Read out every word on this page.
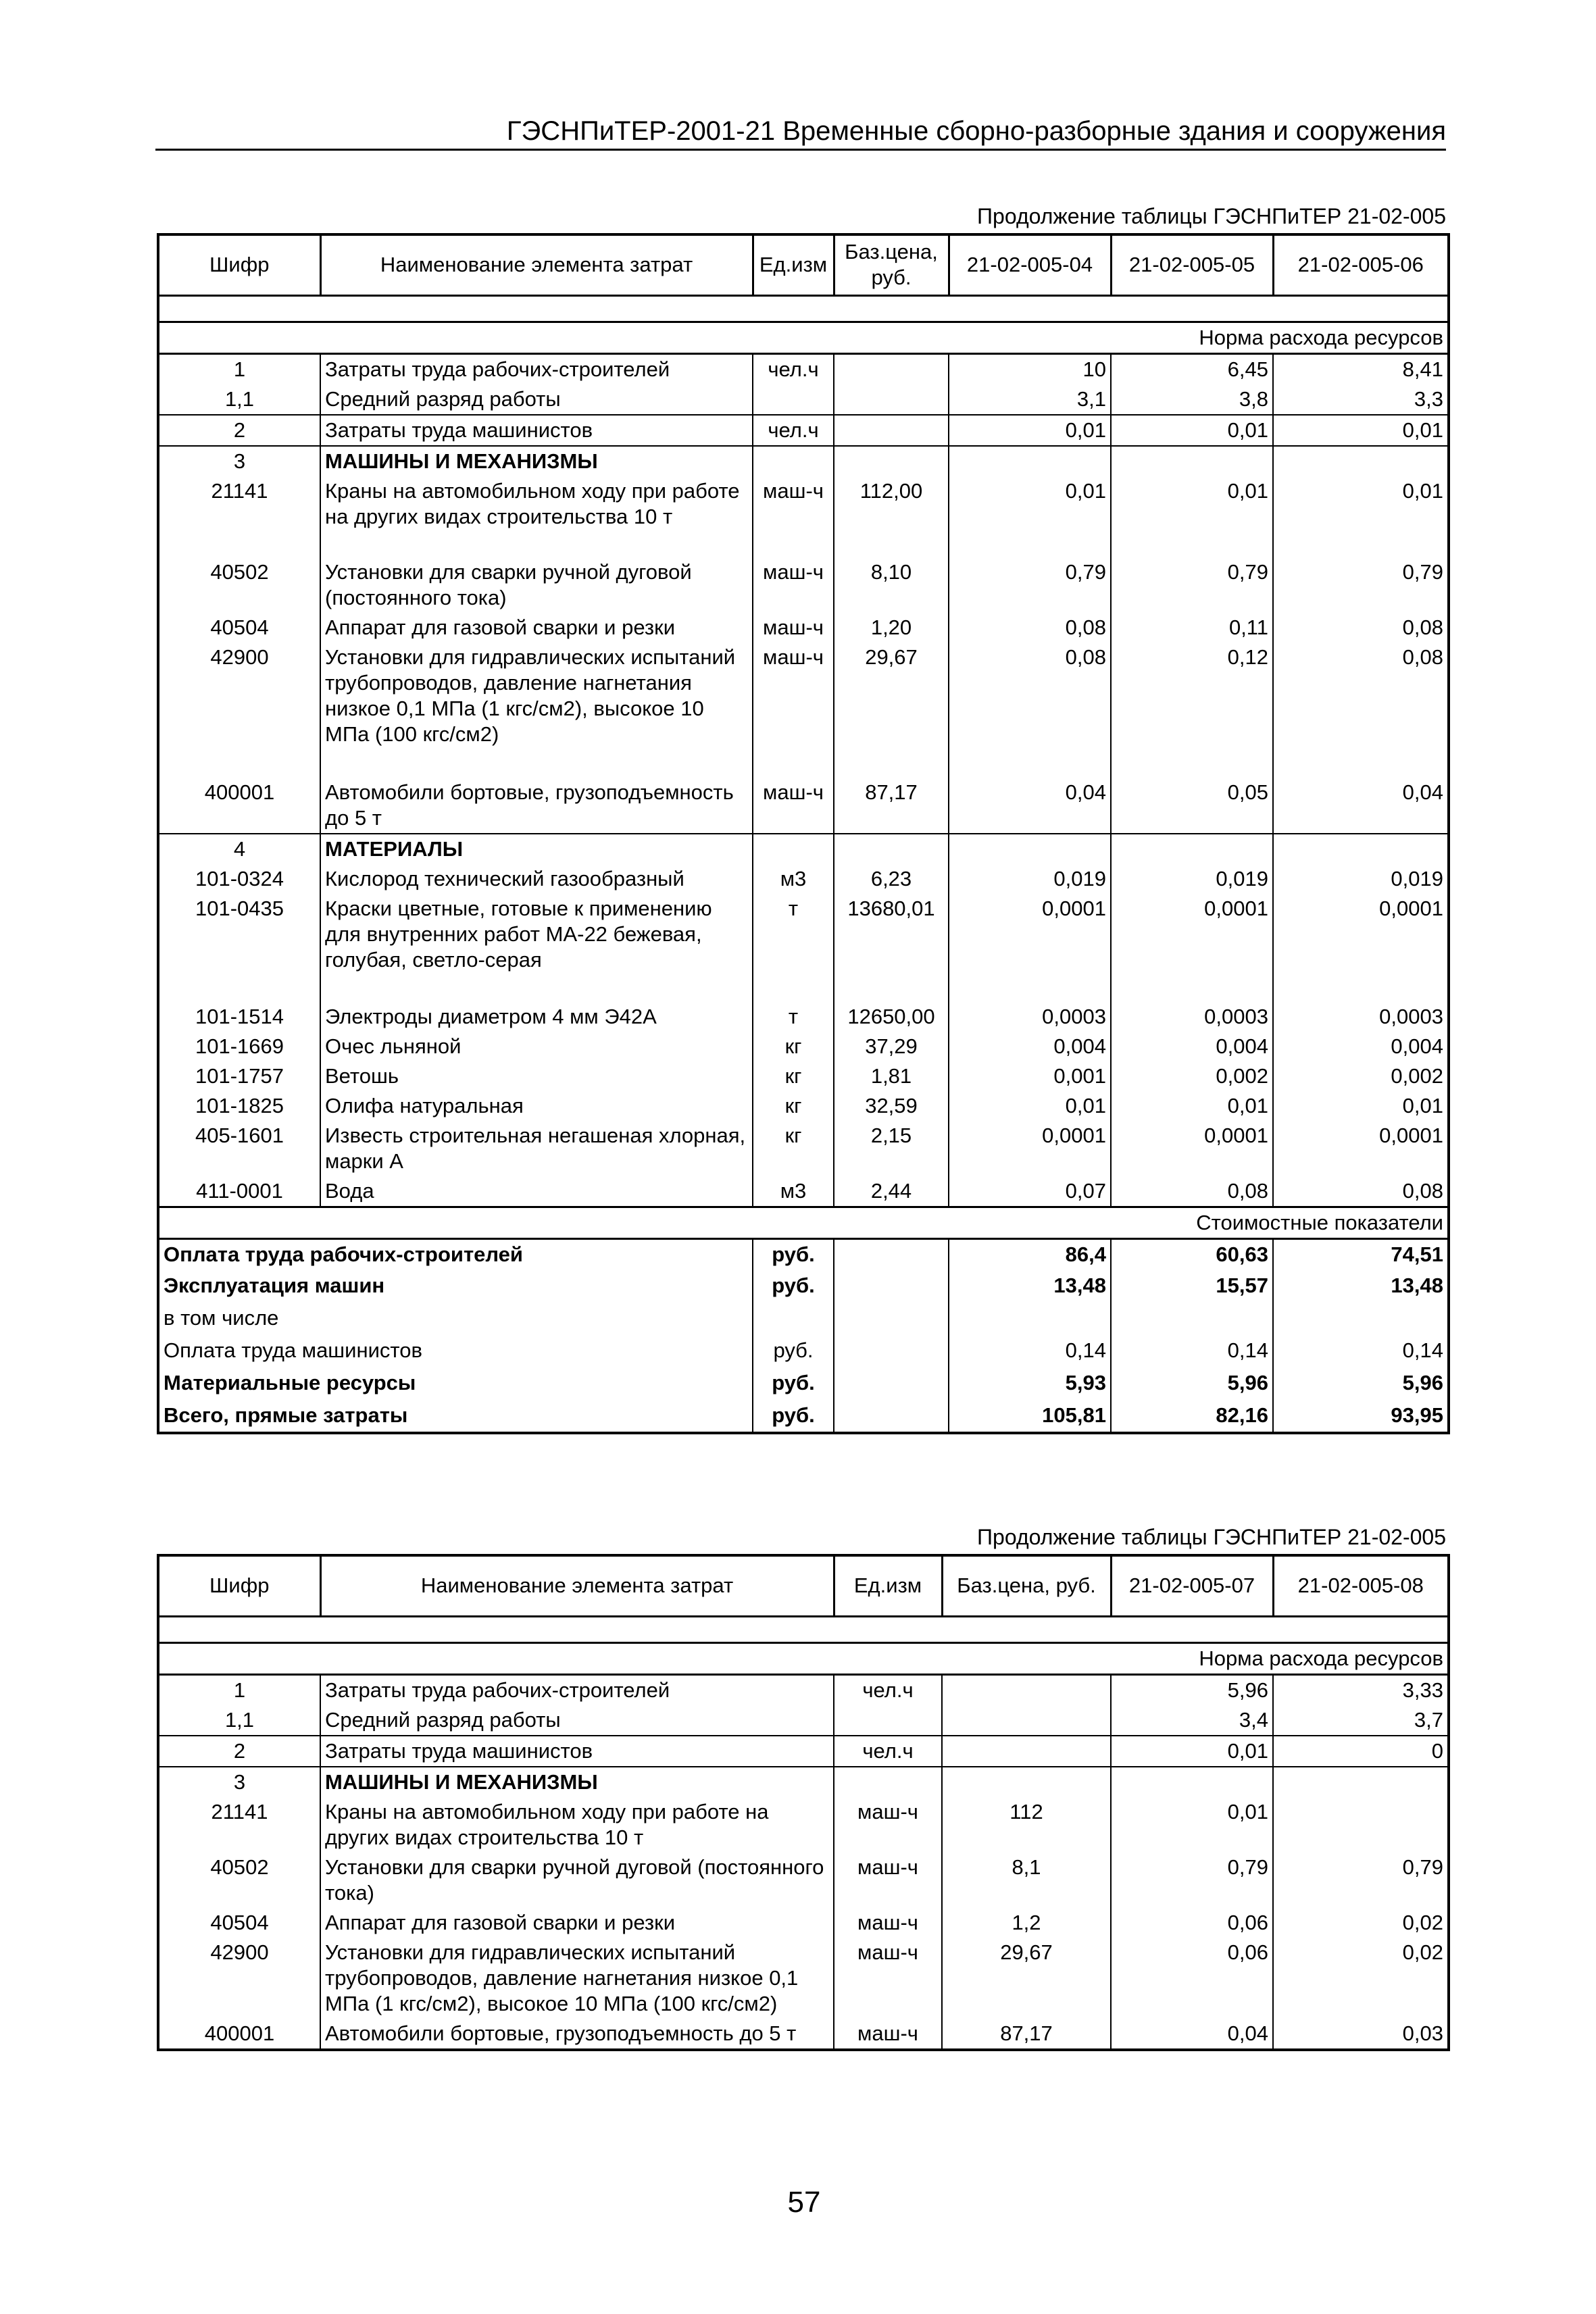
ГЭСНПиТЕР-2001-21 Временные сборно-разборные здания и сооружения
Продолжение таблицы ГЭСНПиТЕР 21-02-005
Шифр	Наименование элемента затрат	Ед.изм	Баз.цена, руб.	21-02-005-04	21-02-005-05	21-02-005-06

Норма расхода ресурсов						
1	Затраты труда рабочих-строителей	чел.ч		10	6,45	8,41
1,1	Средний разряд работы			3,1	3,8	3,3
2	Затраты труда машинистов	чел.ч		0,01	0,01	0,01
3	МАШИНЫ И МЕХАНИЗМЫ					
21141	Краны на автомобильном ходу при работе на других видах строительства 10 т	маш-ч	112,00	0,01	0,01	0,01
40502	Установки для сварки ручной дуговой (постоянного тока)	маш-ч	8,10	0,79	0,79	0,79
40504	Аппарат для газовой сварки и резки	маш-ч	1,20	0,08	0,11	0,08
42900	Установки для гидравлических испытаний трубопроводов, давление нагнетания низкое 0,1 МПа (1 кгс/см2), высокое 10 МПа (100 кгс/см2)	маш-ч	29,67	0,08	0,12	0,08

400001	Автомобили бортовые, грузоподъемность до 5 т	маш-ч	87,17	0,04	0,05	0,04
4	МАТЕРИАЛЫ					
101-0324	Кислород технический газообразный	м3	6,23	0,019	0,019	0,019
101-0435	Краски цветные, готовые к применению для внутренних работ МА-22 бежевая, голубая, светло-серая	т	13680,01	0,0001	0,0001	0,0001

101-1514	Электроды диаметром 4 мм Э42А	т	12650,00	0,0003	0,0003	0,0003
101-1669	Очес льняной	кг	37,29	0,004	0,004	0,004
101-1757	Ветошь	кг	1,81	0,001	0,002	0,002
101-1825	Олифа натуральная	кг	32,59	0,01	0,01	0,01
405-1601	Известь строительная негашеная хлорная, марки А	кг	2,15	0,0001	0,0001	0,0001
411-0001	Вода	м3	2,44	0,07	0,08	0,08
Стоимостные показатели						
Оплата труда рабочих-строителей		руб.		86,4	60,63	74,51
Эксплуатация машин		руб.		13,48	15,57	13,48
в том числе						
Оплата труда машинистов		руб.		0,14	0,14	0,14
Материальные ресурсы		руб.		5,93	5,96	5,96
Всего, прямые затраты		руб.		105,81	82,16	93,95
Продолжение таблицы ГЭСНПиТЕР 21-02-005
Шифр	Наименование элемента затрат	Ед.изм	Баз.цена, руб.	21-02-005-07	21-02-005-08

Норма расхода ресурсов					
1	Затраты труда рабочих-строителей	чел.ч		5,96	3,33
1,1	Средний разряд работы			3,4	3,7
2	Затраты труда машинистов	чел.ч		0,01	0
3	МАШИНЫ И МЕХАНИЗМЫ				
21141	Краны на автомобильном ходу при работе на других видах строительства 10 т	маш-ч	112	0,01	
40502	Установки для сварки ручной дуговой (постоянного тока)	маш-ч	8,1	0,79	0,79
40504	Аппарат для газовой сварки и резки	маш-ч	1,2	0,06	0,02
42900	Установки для гидравлических испытаний трубопроводов, давление нагнетания низкое 0,1 МПа (1 кгс/см2), высокое 10 МПа (100 кгс/см2)	маш-ч	29,67	0,06	0,02
400001	Автомобили бортовые, грузоподъемность до 5 т	маш-ч	87,17	0,04	0,03
57
